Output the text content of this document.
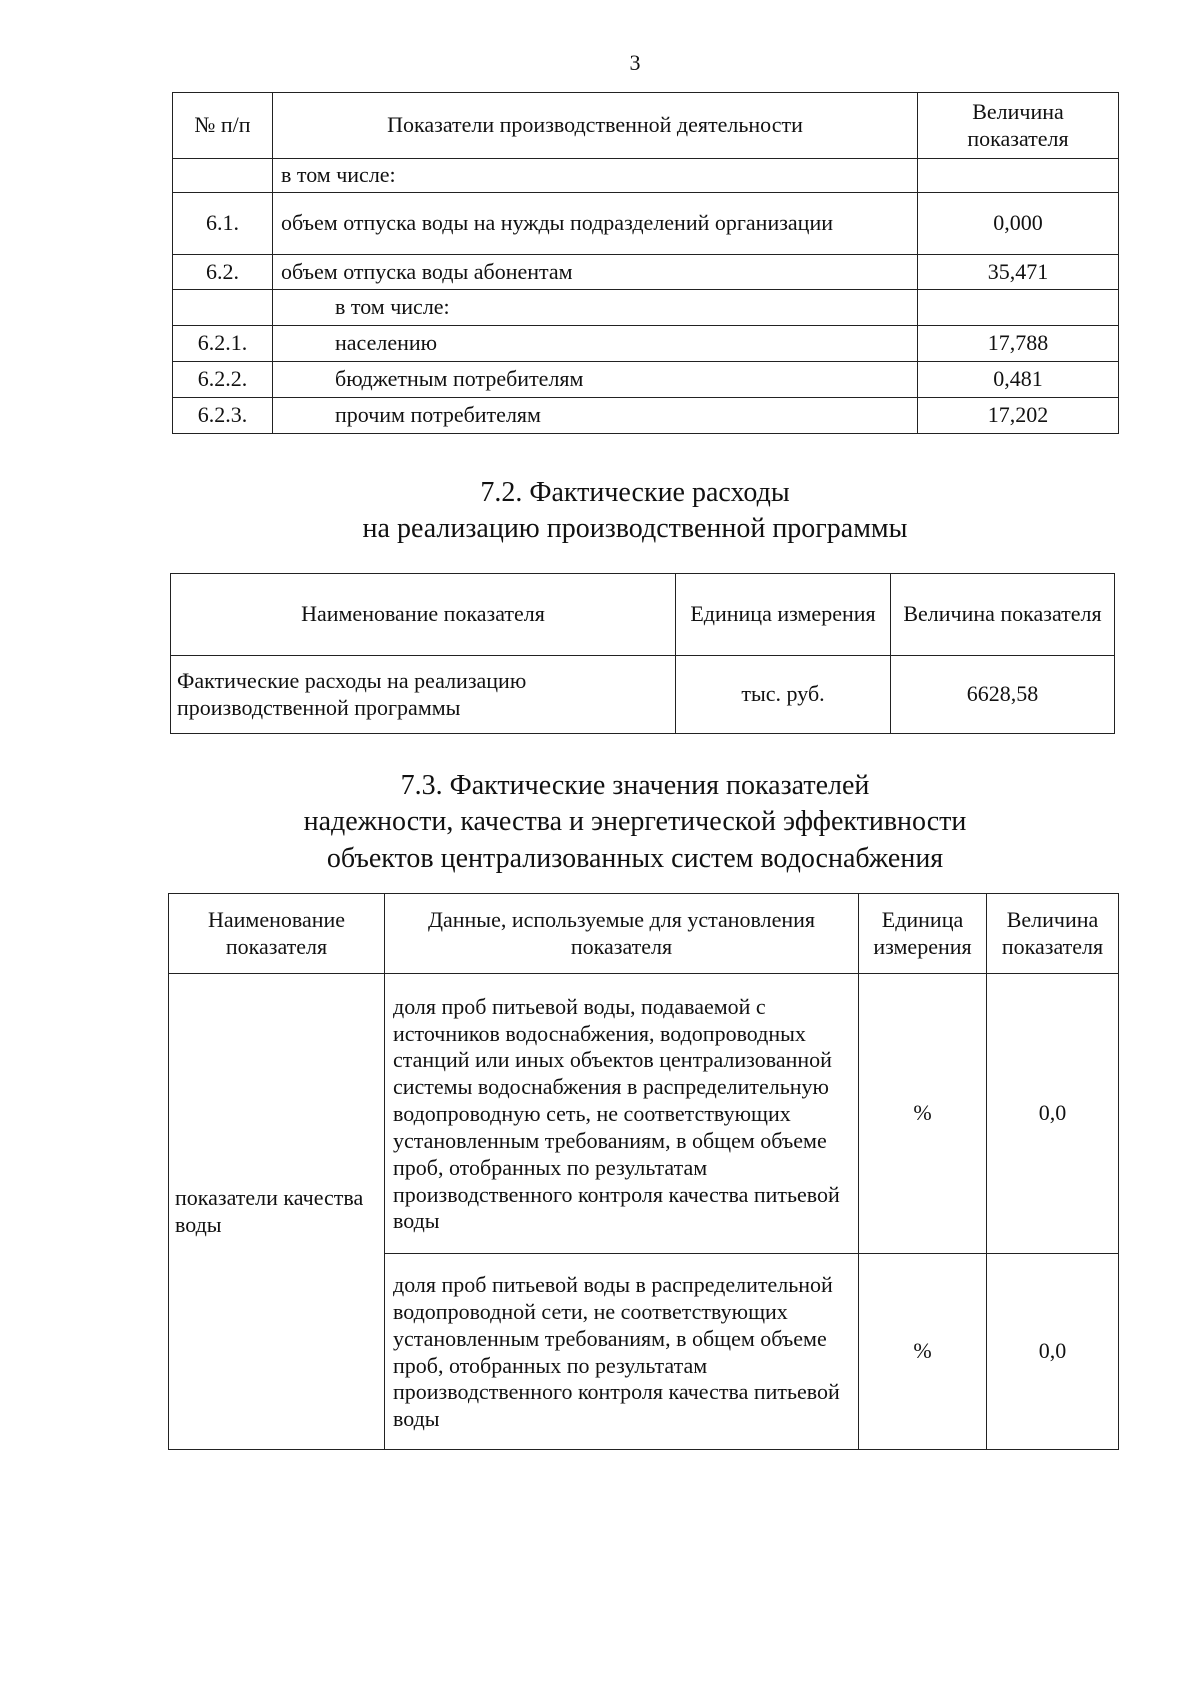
3
№ п/п	Показатели производственной деятельности	Величина показателя
	в том числе:	
6.1.	объем отпуска воды на нужды подразделений организации	0,000
6.2.	объем отпуска воды абонентам	35,471
	в том числе:	
6.2.1.	населению	17,788
6.2.2.	бюджетным потребителям	0,481
6.2.3.	прочим потребителям	17,202
7.2. Фактические расходы
на реализацию производственной программы
Наименование показателя	Единица измерения	Величина показателя
Фактические расходы на реализацию производственной программы	тыс. руб.	6628,58
7.3. Фактические значения показателей
надежности, качества и энергетической эффективности
объектов централизованных систем водоснабжения
Наименование показателя	Данные, используемые для установления показателя	Единица измерения	Величина показателя
показатели качества воды	доля проб питьевой воды, подаваемой с источников водоснабжения, водопроводных станций или иных объектов централизованной системы водоснабжения в распределительную водопроводную сеть, не соответствующих установленным требованиям, в общем объеме проб, отобранных по результатам производственного контроля качества питьевой воды	%	0,0
	доля проб питьевой воды в распределительной водопроводной сети, не соответствующих установленным требованиям, в общем объеме проб, отобранных по результатам производственного контроля качества питьевой воды	%	0,0
